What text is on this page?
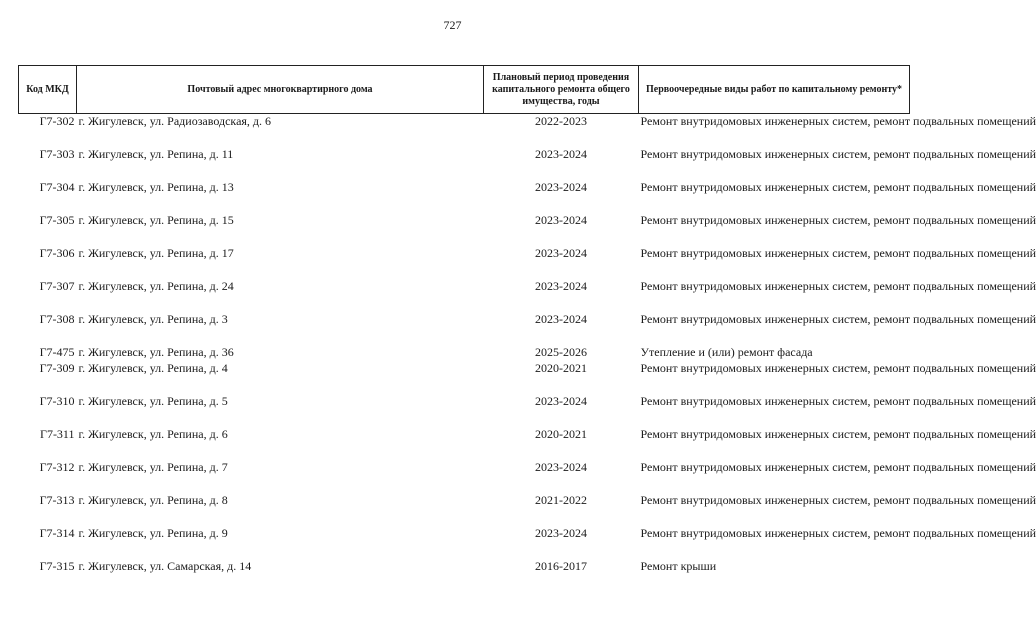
727
Код МКД	Почтовый адрес многоквартирного дома	Плановый период проведения капитального ремонта общего имущества, годы	Первоочередные виды работ по капитальному ремонту*
Г7-302	г. Жигулевск, ул. Радиозаводская, д. 6	2022-2023	Ремонт внутридомовых инженерных систем, ремонт подвальных помещений
Г7-303	г. Жигулевск, ул. Репина, д. 11	2023-2024	Ремонт внутридомовых инженерных систем, ремонт подвальных помещений
Г7-304	г. Жигулевск, ул. Репина, д. 13	2023-2024	Ремонт внутридомовых инженерных систем, ремонт подвальных помещений
Г7-305	г. Жигулевск, ул. Репина, д. 15	2023-2024	Ремонт внутридомовых инженерных систем, ремонт подвальных помещений
Г7-306	г. Жигулевск, ул. Репина, д. 17	2023-2024	Ремонт внутридомовых инженерных систем, ремонт подвальных помещений
Г7-307	г. Жигулевск, ул. Репина, д. 24	2023-2024	Ремонт внутридомовых инженерных систем, ремонт подвальных помещений
Г7-308	г. Жигулевск, ул. Репина, д. 3	2023-2024	Ремонт внутридомовых инженерных систем, ремонт подвальных помещений
Г7-475	г. Жигулевск, ул. Репина, д. 36	2025-2026	Утепление и (или) ремонт фасада
Г7-309	г. Жигулевск, ул. Репина, д. 4	2020-2021	Ремонт внутридомовых инженерных систем, ремонт подвальных помещений
Г7-310	г. Жигулевск, ул. Репина, д. 5	2023-2024	Ремонт внутридомовых инженерных систем, ремонт подвальных помещений
Г7-311	г. Жигулевск, ул. Репина, д. 6	2020-2021	Ремонт внутридомовых инженерных систем, ремонт подвальных помещений
Г7-312	г. Жигулевск, ул. Репина, д. 7	2023-2024	Ремонт внутридомовых инженерных систем, ремонт подвальных помещений
Г7-313	г. Жигулевск, ул. Репина, д. 8	2021-2022	Ремонт внутридомовых инженерных систем, ремонт подвальных помещений
Г7-314	г. Жигулевск, ул. Репина, д. 9	2023-2024	Ремонт внутридомовых инженерных систем, ремонт подвальных помещений
Г7-315	г. Жигулевск, ул. Самарская, д. 14	2016-2017	Ремонт крыши
